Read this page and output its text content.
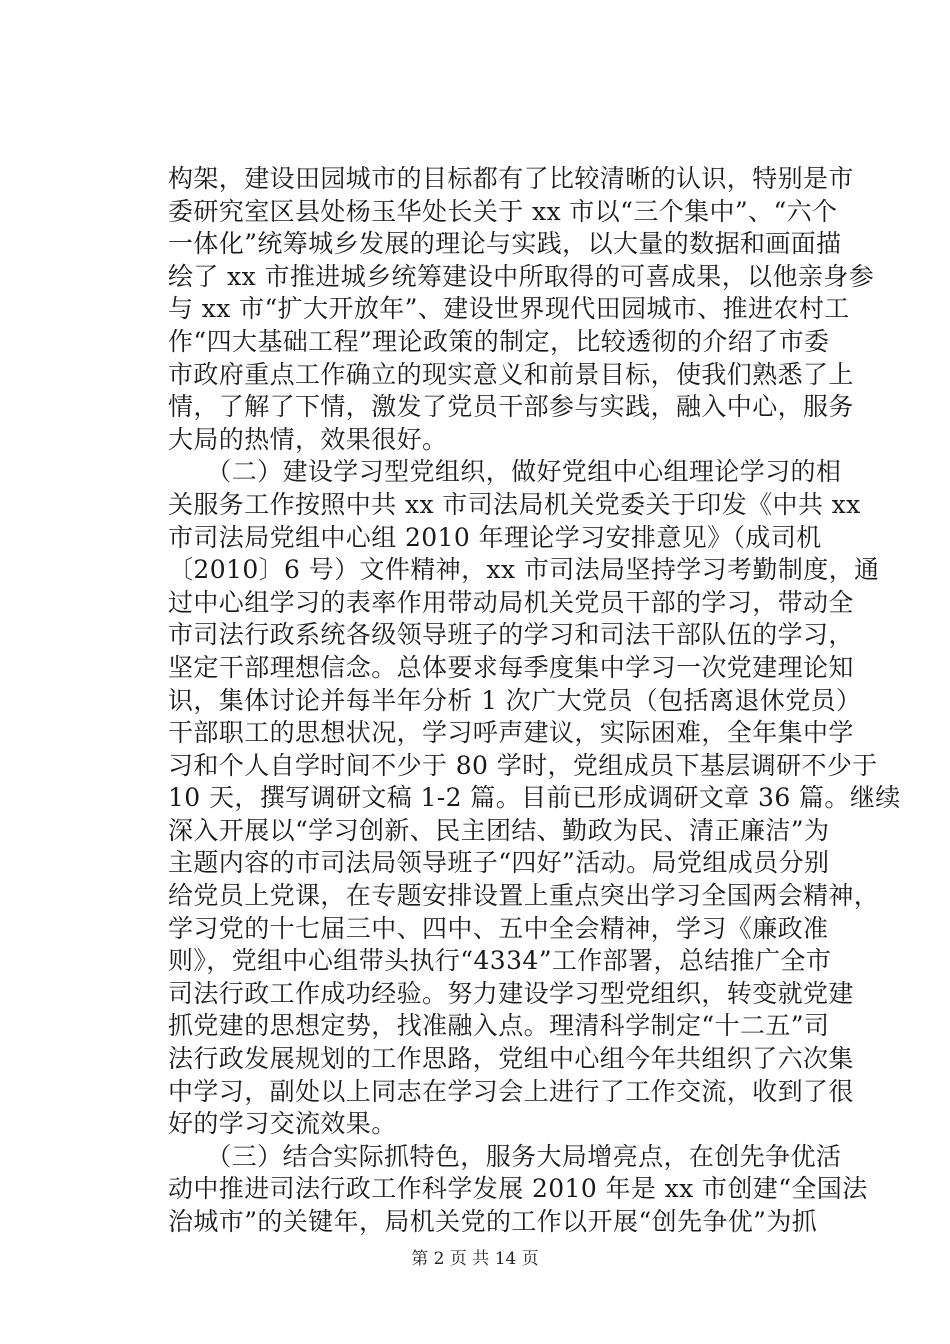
构架，建设田园城市的目标都有了比较清晰的认识，特别是市
委研究室区县处杨玉华处长关于 xx 市以“三个集中”、“六个
一体化”统筹城乡发展的理论与实践，以大量的数据和画面描
绘了 xx 市推进城乡统筹建设中所取得的可喜成果，以他亲身参
与 xx 市“扩大开放年”、建设世界现代田园城市、推进农村工
作“四大基础工程”理论政策的制定，比较透彻的介绍了市委
市政府重点工作确立的现实意义和前景目标，使我们熟悉了上
情，了解了下情，激发了党员干部参与实践，融入中心，服务
大局的热情，效果很好。
　　（二）建设学习型党组织，做好党组中心组理论学习的相
关服务工作按照中共 xx 市司法局机关党委关于印发《中共 xx
市司法局党组中心组 2010 年理论学习安排意见》（成司机
〔2010〕6 号）文件精神，xx 市司法局坚持学习考勤制度，通
过中心组学习的表率作用带动局机关党员干部的学习，带动全
市司法行政系统各级领导班子的学习和司法干部队伍的学习，
坚定干部理想信念。总体要求每季度集中学习一次党建理论知
识，集体讨论并每半年分析 1 次广大党员（包括离退休党员）
干部职工的思想状况，学习呼声建议，实际困难，全年集中学
习和个人自学时间不少于 80 学时，党组成员下基层调研不少于
10 天，撰写调研文稿 1-2 篇。目前已形成调研文章 36 篇。继续
深入开展以“学习创新、民主团结、勤政为民、清正廉洁”为
主题内容的市司法局领导班子“四好”活动。局党组成员分别
给党员上党课，在专题安排设置上重点突出学习全国两会精神，
学习党的十七届三中、四中、五中全会精神，学习《廉政准
则》，党组中心组带头执行“4334”工作部署，总结推广全市
司法行政工作成功经验。努力建设学习型党组织，转变就党建
抓党建的思想定势，找准融入点。理清科学制定“十二五”司
法行政发展规划的工作思路，党组中心组今年共组织了六次集
中学习，副处以上同志在学习会上进行了工作交流，收到了很
好的学习交流效果。
　　（三）结合实际抓特色，服务大局增亮点，在创先争优活
动中推进司法行政工作科学发展 2010 年是 xx 市创建“全国法
治城市”的关键年，局机关党的工作以开展“创先争优”为抓
第 2 页 共 14 页
